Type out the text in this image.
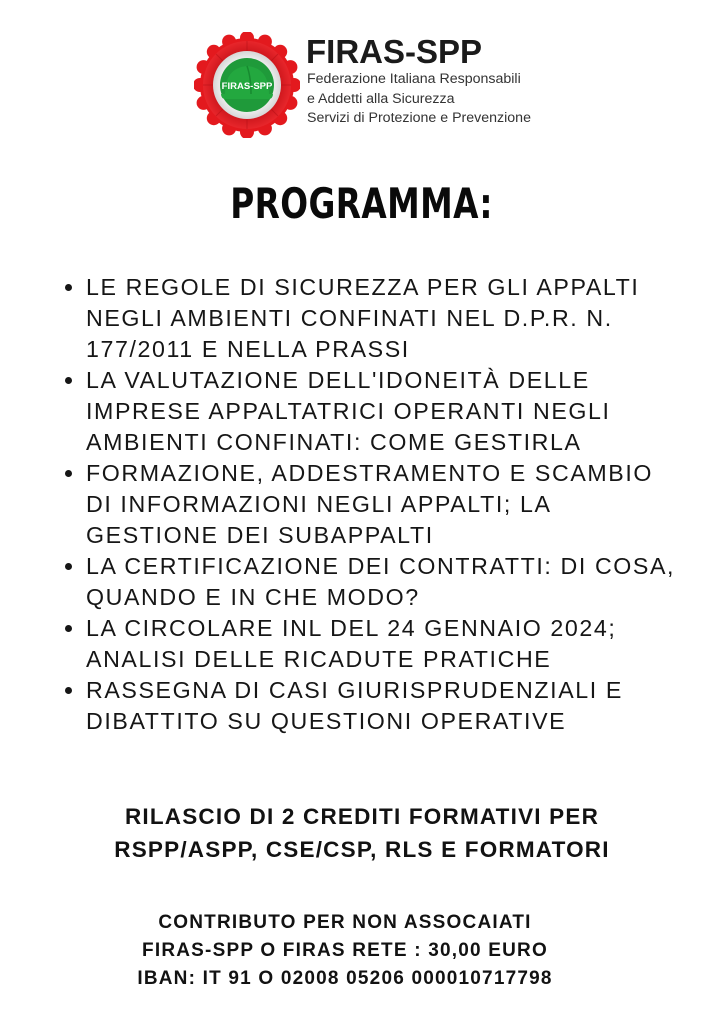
FIRAS-SPP
FIRAS-SPP
Federazione Italiana Responsabili
e Addetti alla Sicurezza
Servizi di Protezione e Prevenzione
PROGRAMMA:
LE REGOLE DI SICUREZZA PER GLI APPALTI
NEGLI AMBIENTI CONFINATI NEL D.P.R. N.
177/2011 E NELLA PRASSI
LA VALUTAZIONE DELL'IDONEITÀ DELLE
IMPRESE APPALTATRICI OPERANTI NEGLI
AMBIENTI CONFINATI: COME GESTIRLA
FORMAZIONE, ADDESTRAMENTO E SCAMBIO
DI INFORMAZIONI NEGLI APPALTI; LA
GESTIONE DEI SUBAPPALTI
LA CERTIFICAZIONE DEI CONTRATTI: DI COSA,
QUANDO E IN CHE MODO?
LA CIRCOLARE INL DEL 24 GENNAIO 2024;
ANALISI DELLE RICADUTE PRATICHE
RASSEGNA DI CASI GIURISPRUDENZIALI E
DIBATTITO SU QUESTIONI OPERATIVE
RILASCIO DI 2 CREDITI FORMATIVI PER
RSPP/ASPP, CSE/CSP, RLS E FORMATORI
CONTRIBUTO PER NON ASSOCAIATI
FIRAS-SPP O FIRAS RETE : 30,00 EURO
IBAN: IT 91 O 02008 05206 000010717798
